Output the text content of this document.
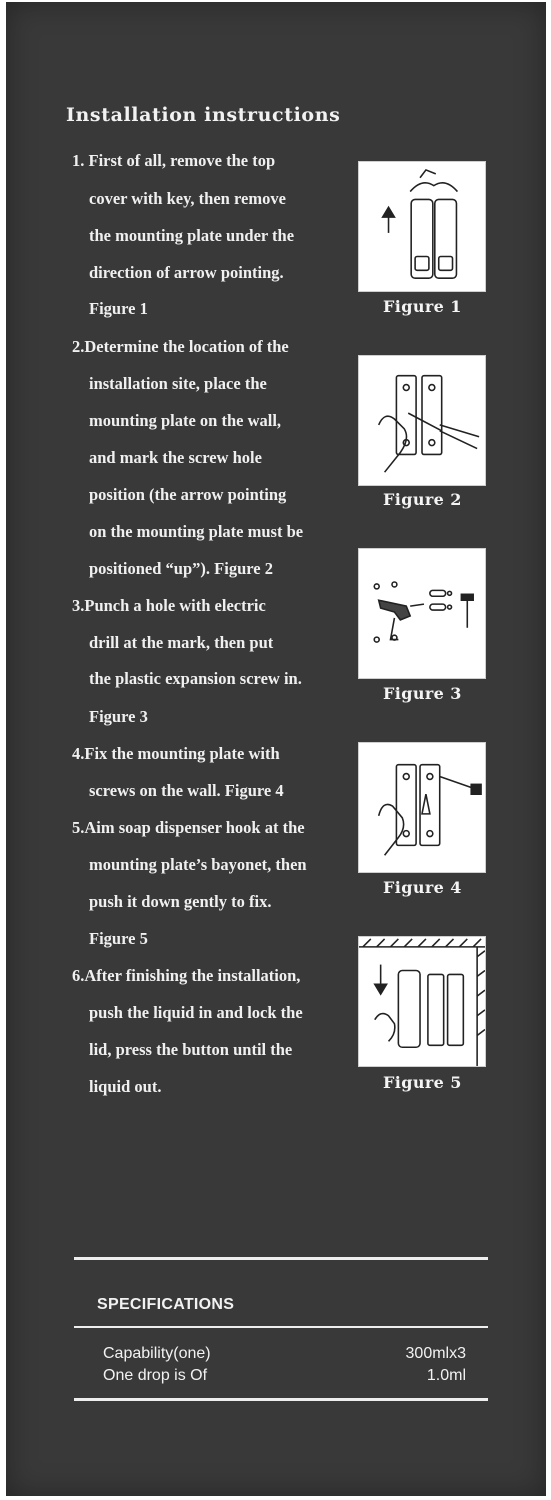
Installation instructions
1. First of all, remove the top
cover with key, then remove
the mounting plate under the
direction of arrow pointing.
Figure 1
2.Determine the location of the
installation site, place the
mounting plate on the wall,
and mark the screw hole
position (the arrow pointing
on the mounting plate must be
positioned “up”). Figure 2
3.Punch a hole with electric
drill at the mark, then put
the plastic expansion screw in.
Figure 3
4.Fix the mounting plate with
screws on the wall. Figure 4
5.Aim soap dispenser hook at the
mounting plate’s bayonet, then
push it down gently to fix.
Figure 5
6.After finishing the installation,
push the liquid in and lock the
lid, press the button until the
liquid out.
Figure 1
Figure 2
Figure 3
Figure 4
Figure 5
SPECIFICATIONS
Capability(one)	300mlx3
One drop is Of	1.0ml
